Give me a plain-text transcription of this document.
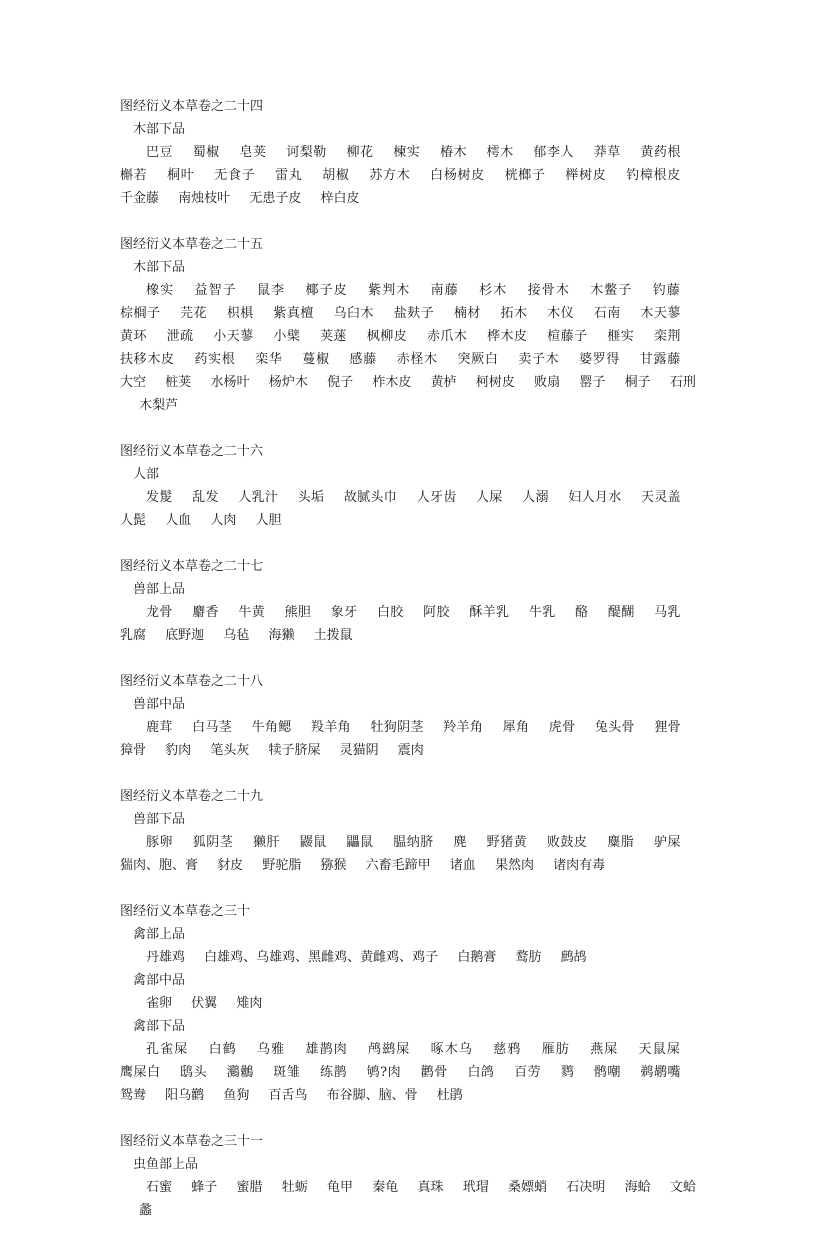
图经衍义本草卷之二十四
木部下品

巴豆 蜀椒 皂荚 诃梨勒 柳花 楝实 椿木 樗木 郁李人 莽草 黄药根 槲若 桐叶 无食子 雷丸 胡椒 苏方木 白杨树皮 桄榔子 榉树皮 钓樟根皮 千金藤 南烛枝叶 无患子皮 梓白皮

图经衍义本草卷之二十五
木部下品

橡实 益智子 鼠李 椰子皮 紫判木 南藤 杉木 接骨木 木鳖子 钓藤 棕榈子 芫花 枳椇 紫真檀 乌臼木 盐麸子 楠材 拓木 木仪 石南 木天蓼 黄环 泄疏 小天蓼 小檗 荚蒾 枫柳皮 赤爪木 桦木皮 楦藤子 榧实 栾荆 扶移木皮 药实根 栾华 蔓椒 感藤 赤柽木 突厥白 卖子木 婆罗得 甘露藤 大空 桩荚 水杨叶 杨炉木 倪子 柞木皮 黄栌 柯树皮 败扇 罂子 桐子 石刑 木梨芦

图经衍义本草卷之二十六
人部

发髲 乱发 人乳汁 头垢 故腻头巾 人牙齿 人屎 人溺 妇人月水 天灵盖 人髭 人血 人肉 人胆

图经衍义本草卷之二十七
兽部上品

龙骨 麝香 牛黄 熊胆 象牙 白胶 阿胶 酥羊乳 牛乳 酪 醍醐 马乳 乳腐 底野迦 乌毡 海獭 土拨鼠

图经衍义本草卷之二十八
兽部中品

鹿茸 白马茎 牛角鳃 羖羊角 牡狗阴茎 羚羊角 犀角 虎骨 兔头骨 狸骨 獐骨 豹肉 笔头灰 犊子脐屎 灵猫阴 震肉

图经衍义本草卷之二十九
兽部下品

豚卵 狐阴茎 獭肝 鼹鼠 鼺鼠 腽纳脐 麂 野猪黄 败鼓皮 麋脂 驴屎 猯肉、胞、膏 豺皮 野驼脂 猕猴 六畜毛蹄甲 诸血 果然肉 诸肉有毒

图经衍义本草卷之三十
禽部上品

丹雄鸡 白雄鸡、乌雄鸡、黑雌鸡、黄雌鸡、鸡子 白鹅膏 鹜肪 鹧鸪

禽部中品

雀卵 伏翼 雉肉

禽部下品

孔雀屎 白鹤 乌雅 雄鹊肉 鸬鹚屎 啄木乌 慈鸦 雁肪 燕屎 天鼠屎 鹰屎白 鸱头 鸂鶒 斑雏 练鹊 鸲?肉 鹳骨 白鸽 百劳 鹨 鹘嘲 鹈鹕嘴 鸳鸯 阳乌鹳 鱼狗 百舌鸟 布谷脚、脑、骨 杜鹃

图经衍义本草卷之三十一
虫鱼部上品

石蜜 蜂子 蜜腊 牡蛎 龟甲 秦龟 真珠 玳瑁 桑嫖蛸 石决明 海蛤 文蛤 蠡
